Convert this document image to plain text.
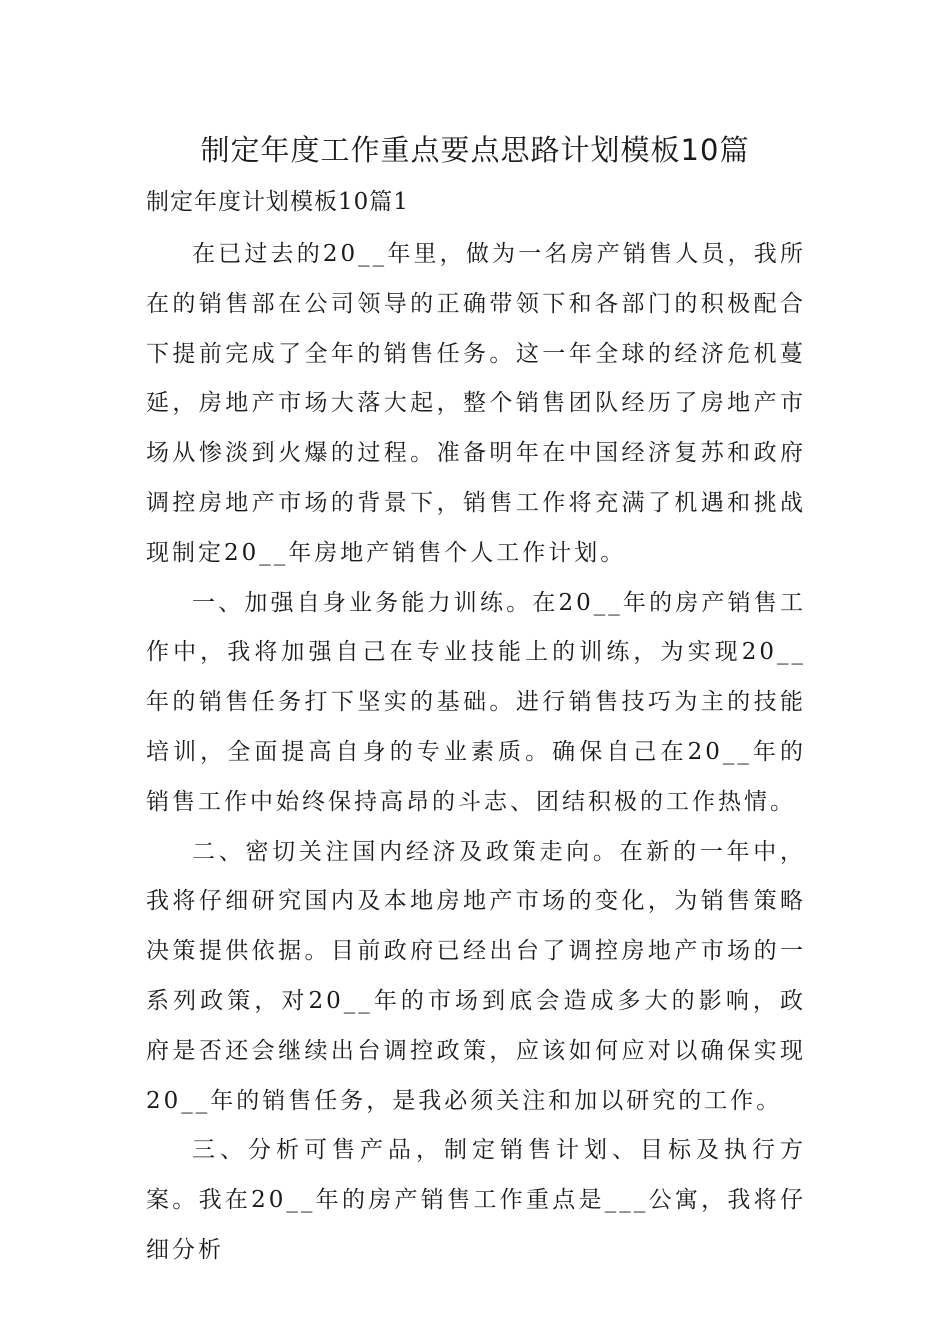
制定年度工作重点要点思路计划模板10篇
制定年度计划模板10篇1

在已过去的20__年里，做为一名房产销售人员，我所在的销售部在公司领导的正确带领下和各部门的积极配合下提前完成了全年的销售任务。这一年全球的经济危机蔓延，房地产市场大落大起，整个销售团队经历了房地产市场从惨淡到火爆的过程。准备明年在中国经济复苏和政府调控房地产市场的背景下，销售工作将充满了机遇和挑战现制定20__年房地产销售个人工作计划。

一、加强自身业务能力训练。在20__年的房产销售工作中，我将加强自己在专业技能上的训练，为实现20__年的销售任务打下坚实的基础。进行销售技巧为主的技能培训，全面提高自身的专业素质。确保自己在20__年的销售工作中始终保持高昂的斗志、团结积极的工作热情。

二、密切关注国内经济及政策走向。在新的一年中，我将仔细研究国内及本地房地产市场的变化，为销售策略决策提供依据。目前政府已经出台了调控房地产市场的一系列政策，对20__年的市场到底会造成多大的影响，政府是否还会继续出台调控政策，应该如何应对以确保实现20__年的销售任务，是我必须关注和加以研究的工作。

三、分析可售产品，制定销售计划、目标及执行方案。我在20__年的房产销售工作重点是___公寓，我将仔细分析
